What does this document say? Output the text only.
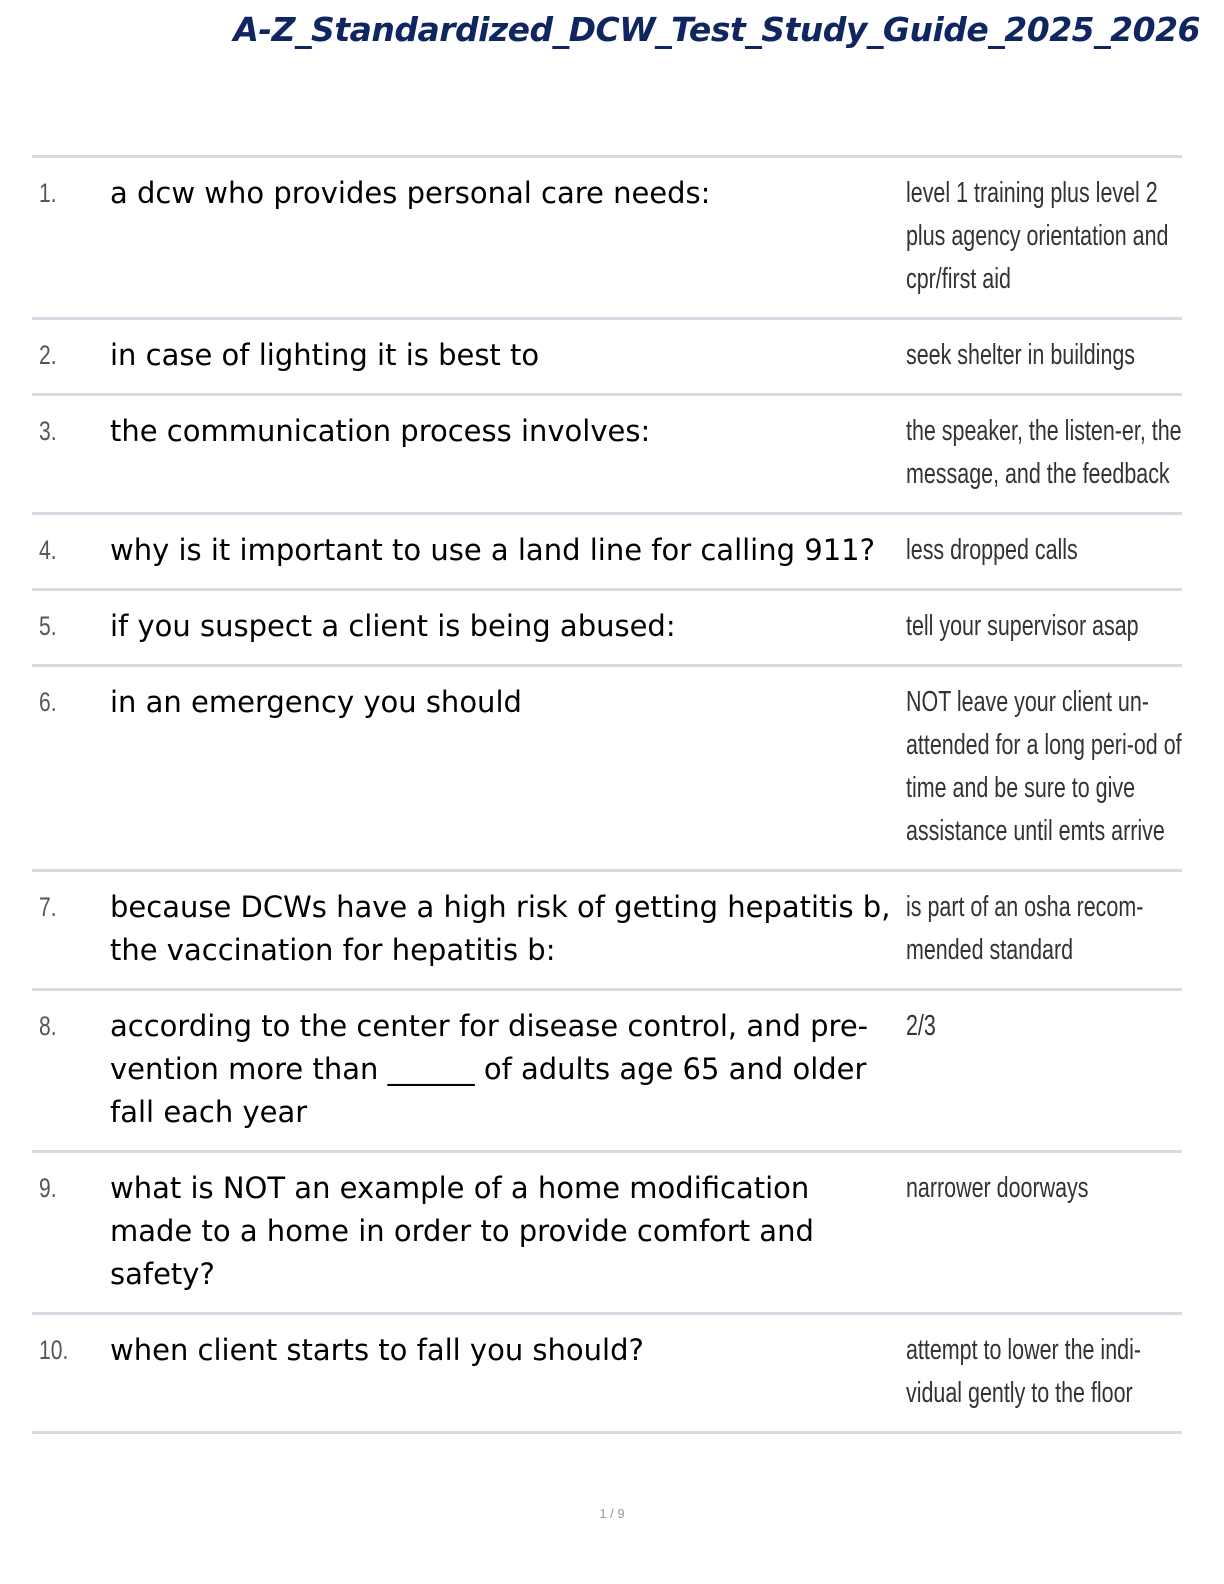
A-Z_Standardized_DCW_Test_Study_Guide_2025_2026
1.	a dcw who provides personal care needs:	level 1 training plus level 2 plus agency orientation and cpr/first aid
2.	in case of lighting it is best to	seek shelter in buildings
3.	the communication process involves:	the speaker, the listen-er, the message, and the feedback
4.	why is it important to use a land line for calling 911?	less dropped calls
5.	if you suspect a client is being abused:	tell your supervisor asap
6.	in an emergency you should	NOT leave your client un-attended for a long peri-od of time and be sure to give assistance until emts arrive
7.	because DCWs have a high risk of getting hepatitis b, the vaccination for hepatitis b:	is part of an osha recom-mended standard
8.	according to the center for disease control, and pre-vention more than ______ of adults age 65 and older fall each year	2/3
9.	what is NOT an example of a home modification made to a home in order to provide comfort and safety?	narrower doorways
10.	when client starts to fall you should?	attempt to lower the indi-vidual gently to the floor
1 / 9
